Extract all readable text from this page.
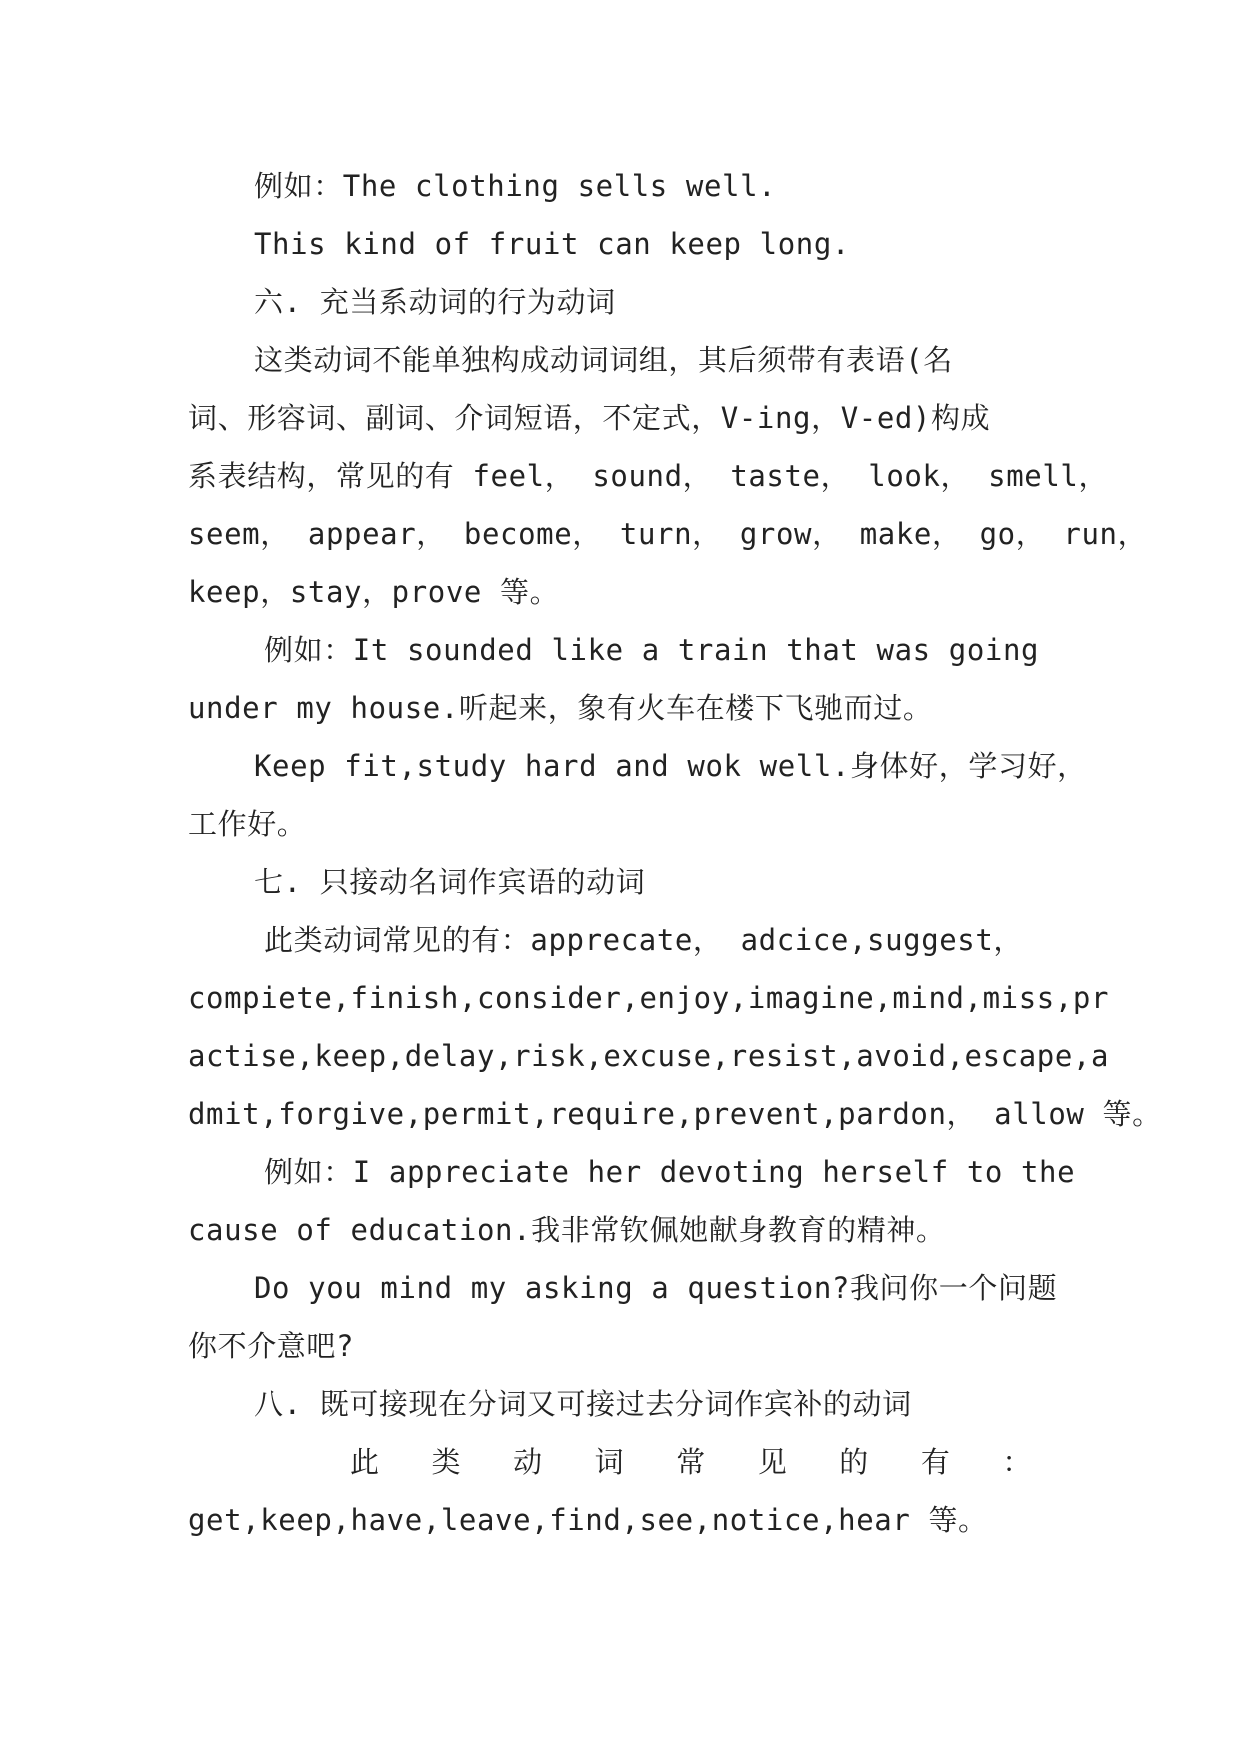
例如：The clothing sells well.
This kind of fruit can keep long.
六. 充当系动词的行为动词
这类动词不能单独构成动词词组，其后须带有表语(名
词、形容词、副词、介词短语，不定式，V-ing，V-ed)构成
系表结构，常见的有 feel， sound， taste， look， smell，
seem， appear， become， turn， grow， make， go， run，
keep，stay，prove 等。
例如：It sounded like a train that was going
under my house.听起来，象有火车在楼下飞驰而过。
Keep fit,study hard and wok well.身体好，学习好，
工作好。
七. 只接动名词作宾语的动词
此类动词常见的有：apprecate， adcice,suggest，
compiete,finish,consider,enjoy,imagine,mind,miss,pr
actise,keep,delay,risk,excuse,resist,avoid,escape,a
dmit,forgive,permit,require,prevent,pardon， allow 等。
例如：I appreciate her devoting herself to the
cause of education.我非常钦佩她献身教育的精神。
Do you mind my asking a question?我问你一个问题
你不介意吧?
八. 既可接现在分词又可接过去分词作宾补的动词
此 类 动 词 常 见 的 有 ：
get,keep,have,leave,find,see,notice,hear 等。
